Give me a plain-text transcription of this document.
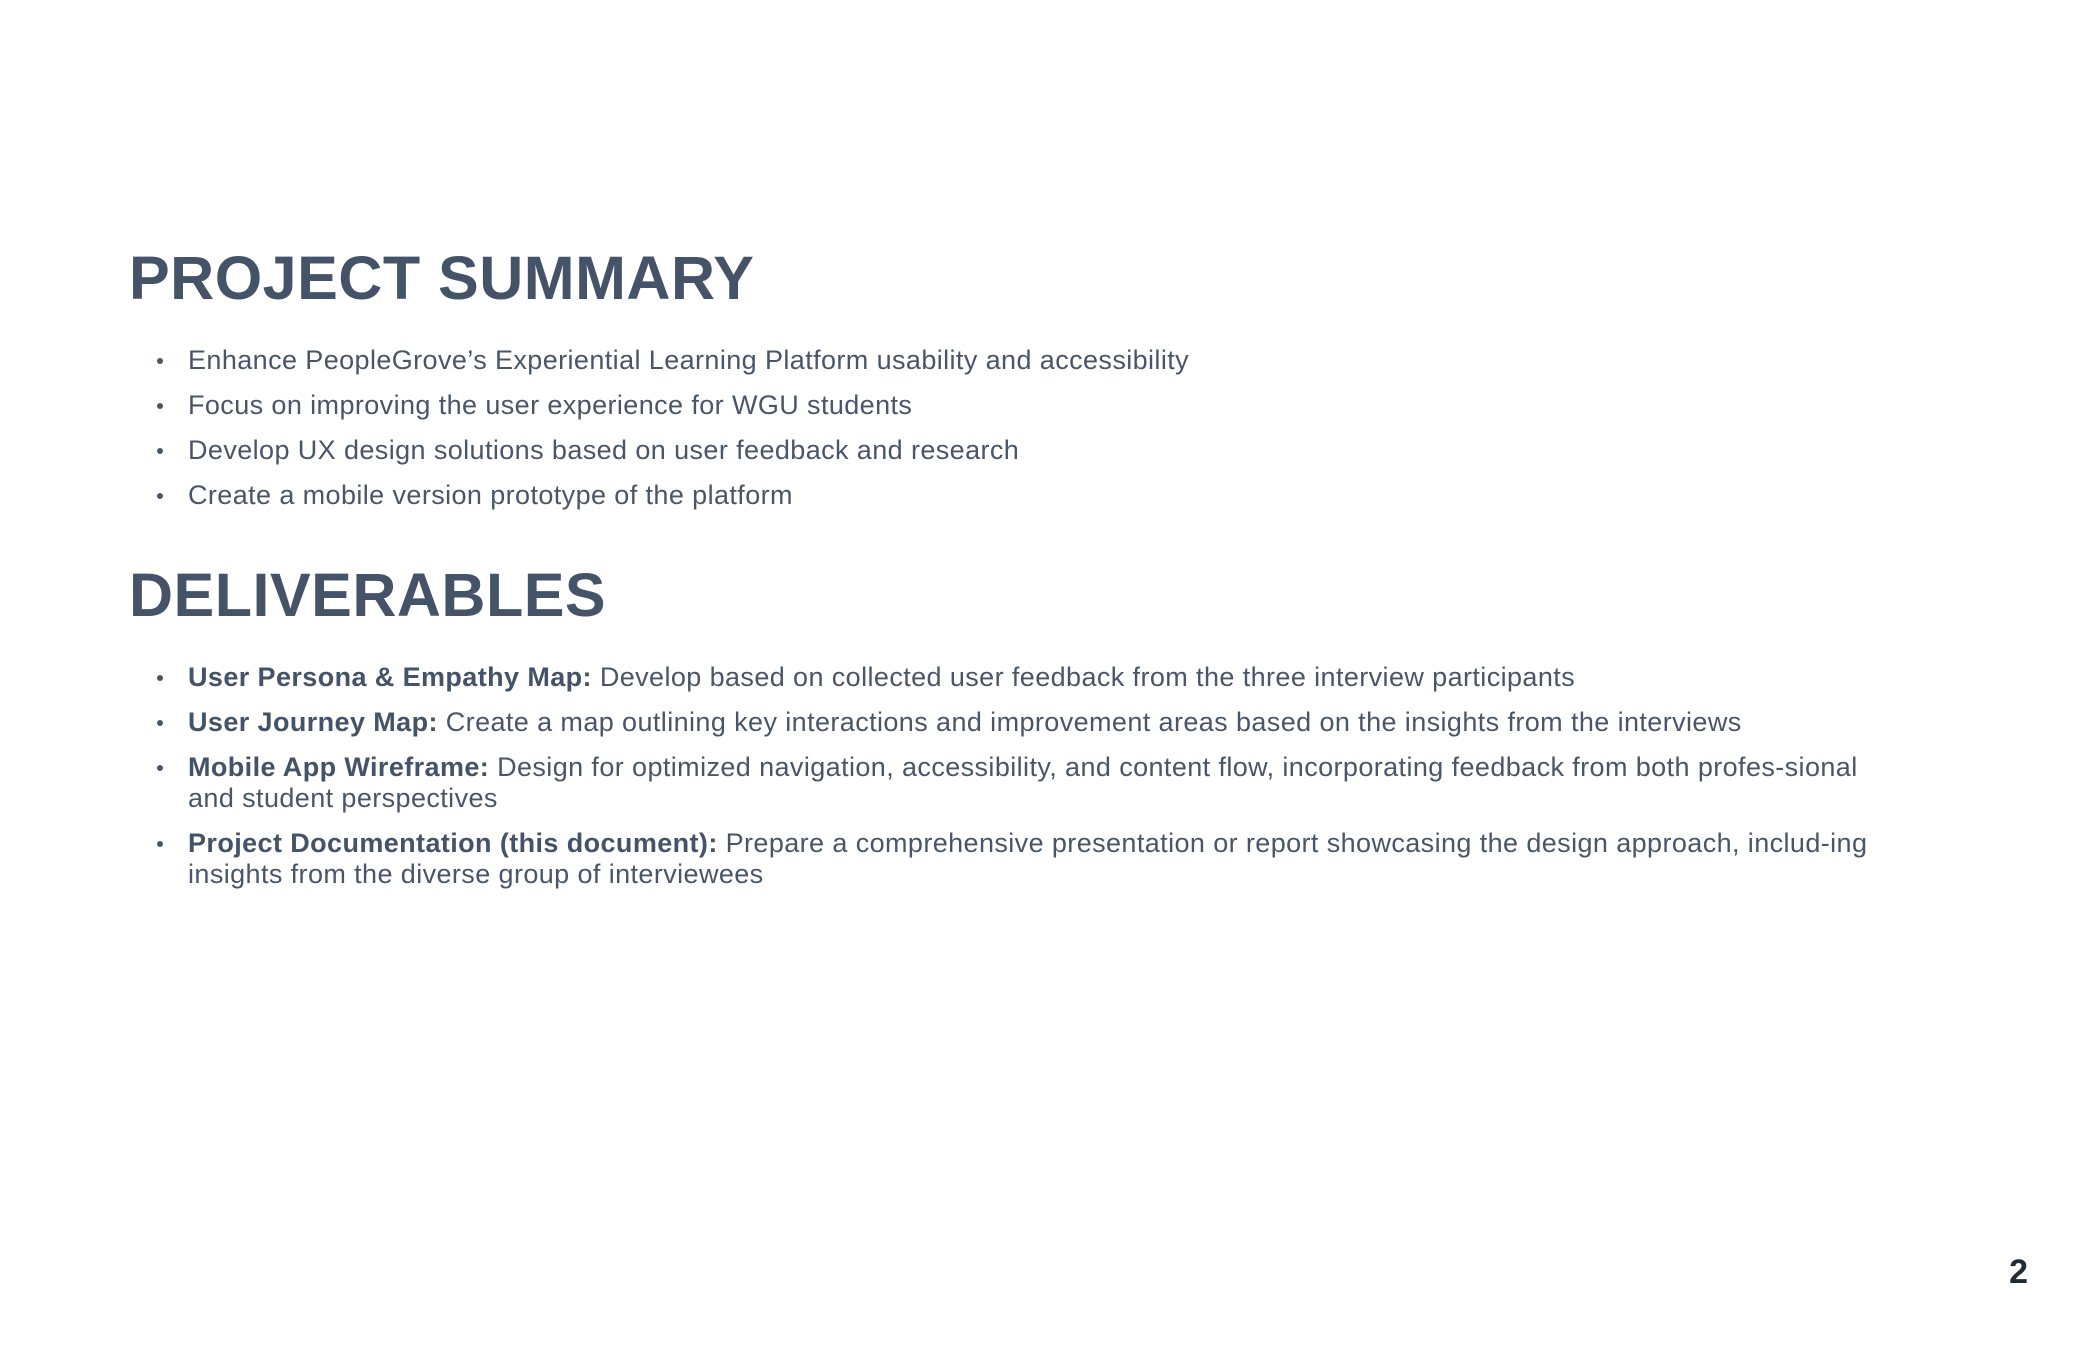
PROJECT SUMMARY
Enhance PeopleGrove’s Experiential Learning Platform usability and accessibility
Focus on improving the user experience for WGU students
Develop UX design solutions based on user feedback and research
Create a mobile version prototype of the platform
DELIVERABLES
User Persona & Empathy Map: Develop based on collected user feedback from the three interview participants
User Journey Map: Create a map outlining key interactions and improvement areas based on the insights from the interviews
Mobile App Wireframe: Design for optimized navigation, accessibility, and content flow, incorporating feedback from both profes-sional and student perspectives
Project Documentation (this document): Prepare a comprehensive presentation or report showcasing the design approach, includ-ing insights from the diverse group of interviewees
2
